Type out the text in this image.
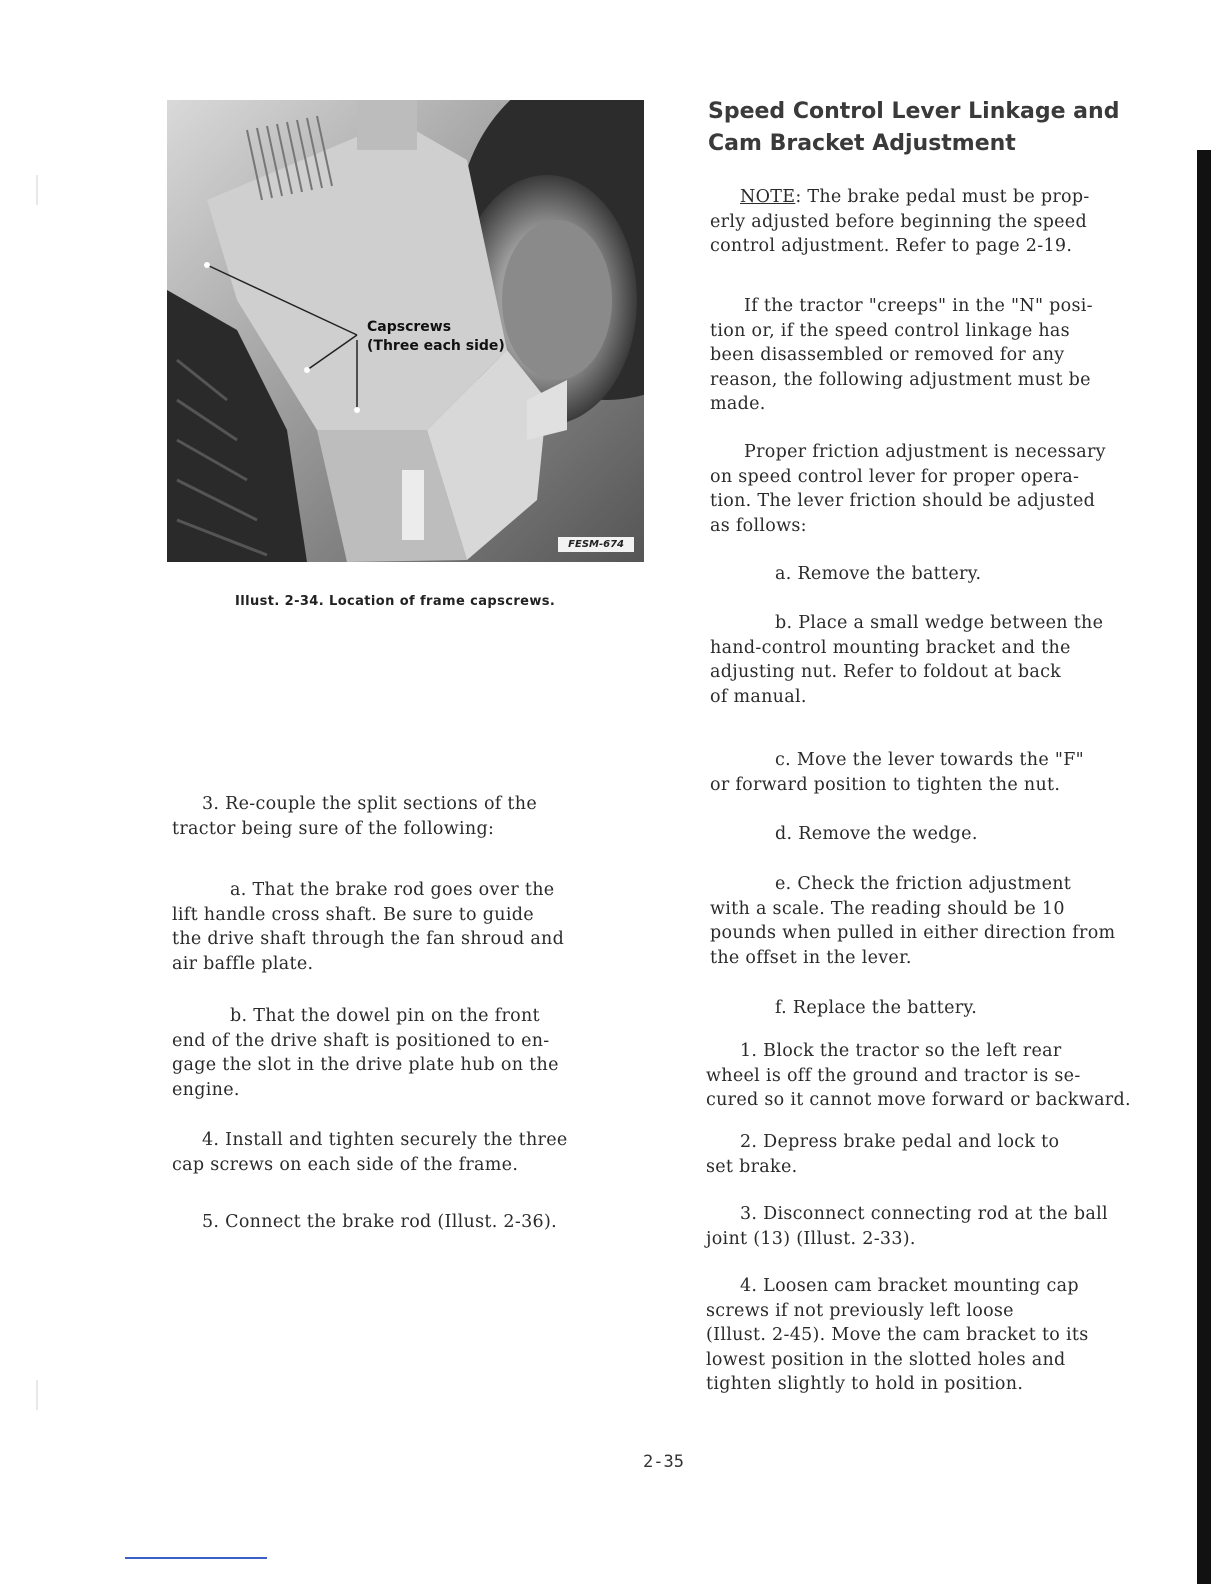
Capscrews
(Three each side)
FESM-674
Illust. 2-34. Location of frame capscrews.

3. Re-couple the split sections of the
tractor being sure of the following:

a. That the brake rod goes over the
lift handle cross shaft. Be sure to guide
the drive shaft through the fan shroud and
air baffle plate.

b. That the dowel pin on the front
end of the drive shaft is positioned to en-
gage the slot in the drive plate hub on the
engine.

4. Install and tighten securely the three
cap screws on each side of the frame.

5. Connect the brake rod (Illust. 2-36).

Speed Control Lever Linkage and
Cam Bracket Adjustment

NOTE: The brake pedal must be prop-
erly adjusted before beginning the speed
control adjustment. Refer to page 2-19.

If the tractor "creeps" in the "N" posi-
tion or, if the speed control linkage has
been disassembled or removed for any
reason, the following adjustment must be
made.

Proper friction adjustment is necessary
on speed control lever for proper opera-
tion. The lever friction should be adjusted
as follows:

a. Remove the battery.

b. Place a small wedge between the
hand-control mounting bracket and the
adjusting nut. Refer to foldout at back
of manual.

c. Move the lever towards the "F"
or forward position to tighten the nut.

d. Remove the wedge.

e. Check the friction adjustment
with a scale. The reading should be 10
pounds when pulled in either direction from
the offset in the lever.

f. Replace the battery.

1. Block the tractor so the left rear
wheel is off the ground and tractor is se-
cured so it cannot move forward or backward.

2. Depress brake pedal and lock to
set brake.

3. Disconnect connecting rod at the ball
joint (13) (Illust. 2-33).

4. Loosen cam bracket mounting cap
screws if not previously left loose
(Illust. 2-45). Move the cam bracket to its
lowest position in the slotted holes and
tighten slightly to hold in position.

2-35
